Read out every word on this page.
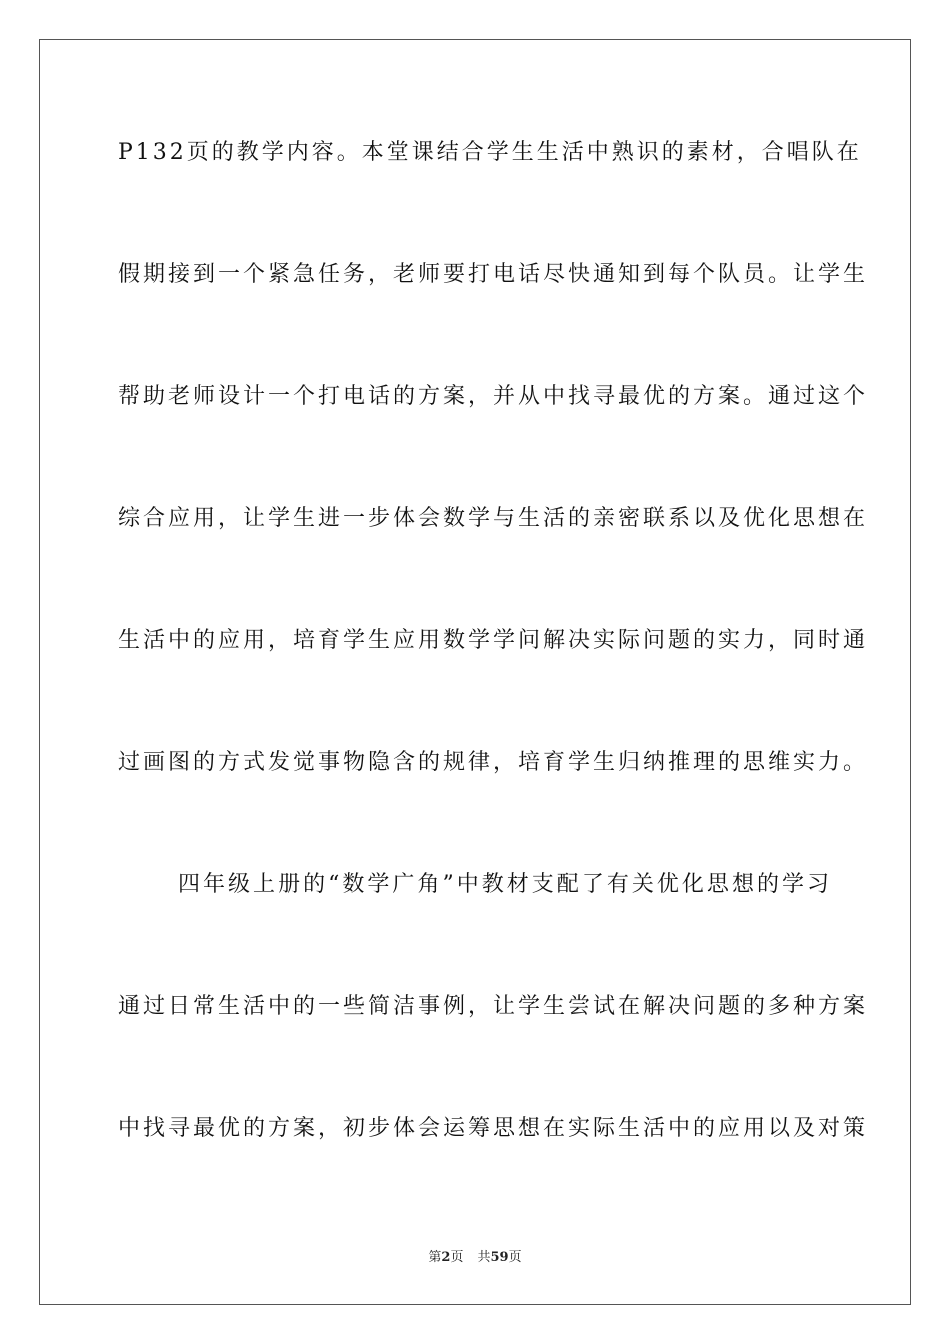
P132页的教学内容。本堂课结合学生生活中熟识的素材，合唱队在
假期接到一个紧急任务，老师要打电话尽快通知到每个队员。让学生
帮助老师设计一个打电话的方案，并从中找寻最优的方案。通过这个
综合应用，让学生进一步体会数学与生活的亲密联系以及优化思想在
生活中的应用，培育学生应用数学学问解决实际问题的实力，同时通
过画图的方式发觉事物隐含的规律，培育学生归纳推理的思维实力。
四年级上册的“数学广角”中教材支配了有关优化思想的学习
通过日常生活中的一些简洁事例，让学生尝试在解决问题的多种方案
中找寻最优的方案，初步体会运筹思想在实际生活中的应用以及对策
第2页 共59页
